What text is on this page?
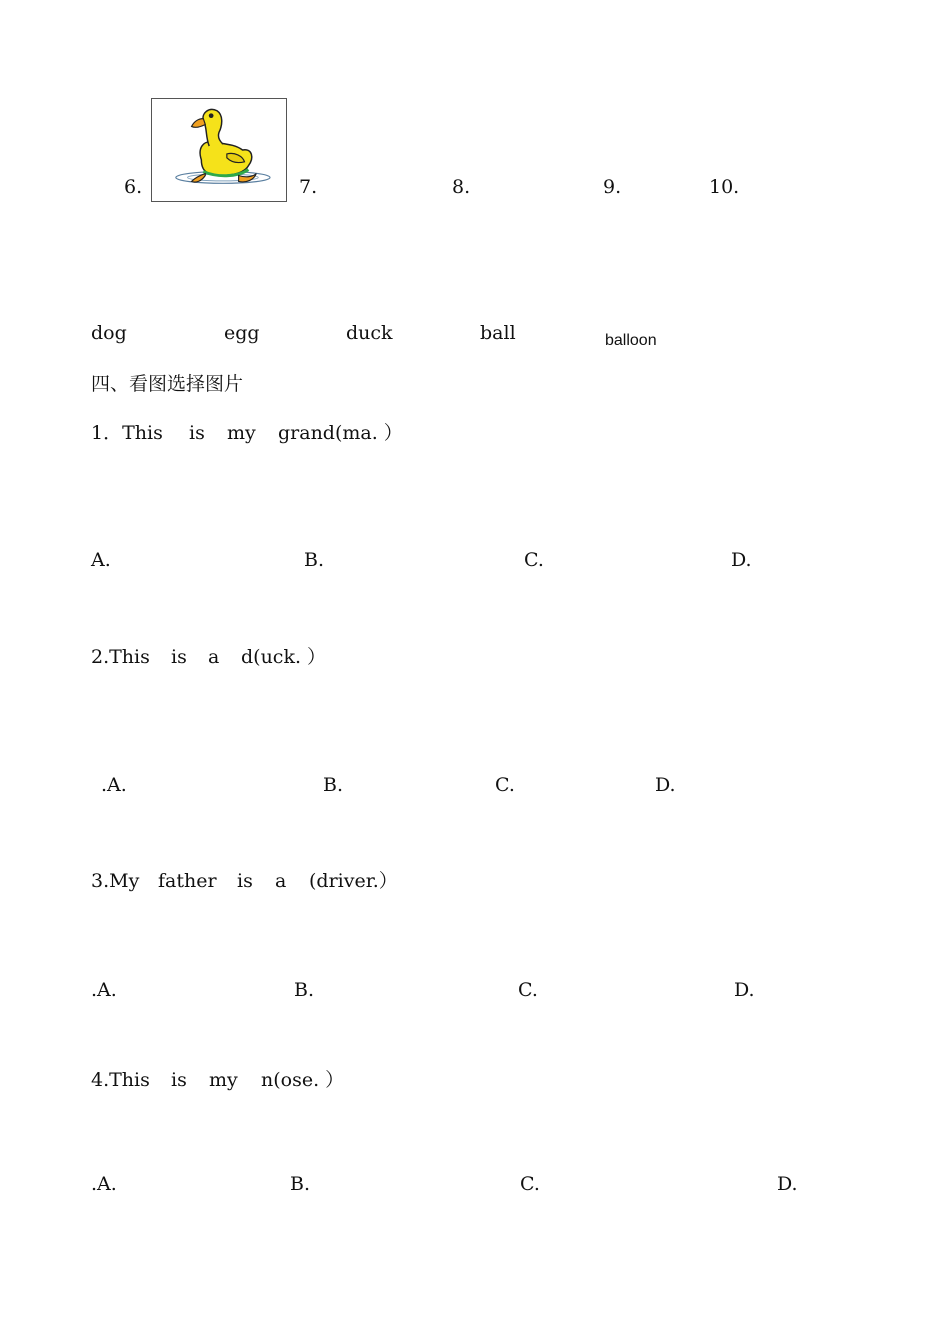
6.	7.	8.	9.	10.
dog	egg	duck	ball	balloon
四、看图选择图片

1．This

is

my

grand(ma. ）

A.	B.	C.	D.

2.This

is

a

d(uck. ）

.A.	B.	C.	D.

3.My

father

is

a

(driver.）

.A.	B.	C.	D.

4.This

is

my

n(ose. ）

.A.	B.	C.	D.
